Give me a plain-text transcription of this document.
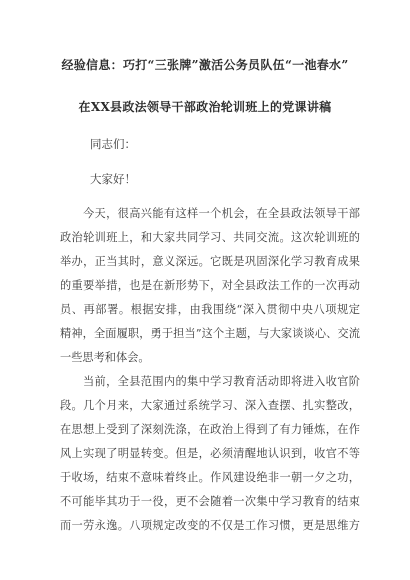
经验信息：巧打“三张牌”激活公务员队伍“一池春水”
在XX县政法领导干部政治轮训班上的党课讲稿
同志们：
大家好！
今天，很高兴能有这样一个机会，在全县政法领导干部
政治轮训班上，和大家共同学习、共同交流。这次轮训班的
举办，正当其时，意义深远。它既是巩固深化学习教育成果
的重要举措，也是在新形势下，对全县政法工作的一次再动
员、再部署。根据安排，由我围绕“深入贯彻中央八项规定
精神，全面履职，勇于担当”这个主题，与大家谈谈心、交流
一些思考和体会。
当前，全县范围内的集中学习教育活动即将进入收官阶
段。几个月来，大家通过系统学习、深入查摆、扎实整改，
在思想上受到了深刻洗涤，在政治上得到了有力锤炼，在作
风上实现了明显转变。但是，必须清醒地认识到，收官不等
于收场，结束不意味着终止。作风建设绝非一朝一夕之功，
不可能毕其功于一役，更不会随着一次集中学习教育的结束
而一劳永逸。八项规定改变的不仅是工作习惯，更是思维方
